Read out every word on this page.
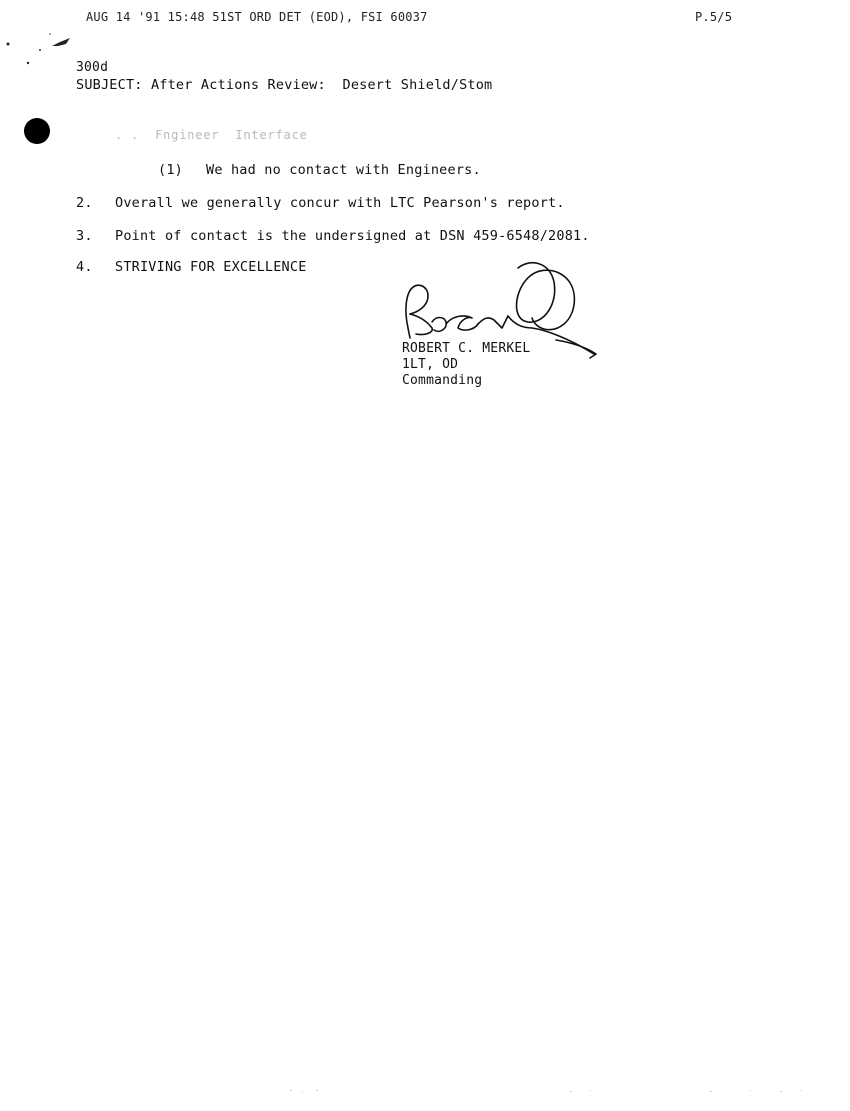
AUG 14 '91 15:48 51ST ORD DET (EOD), FSI 60037	P.5/5
300d
SUBJECT: After Actions Review:  Desert Shield/Stom
. .  Fngineer  Interface
(1) We had no contact with Engineers.
2. Overall we generally concur with LTC Pearson's report.
3. Point of contact is the undersigned at DSN 459-6548/2081.
4. STRIVING FOR EXCELLENCE
ROBERT C. MERKEL
1LT, OD
Commanding
